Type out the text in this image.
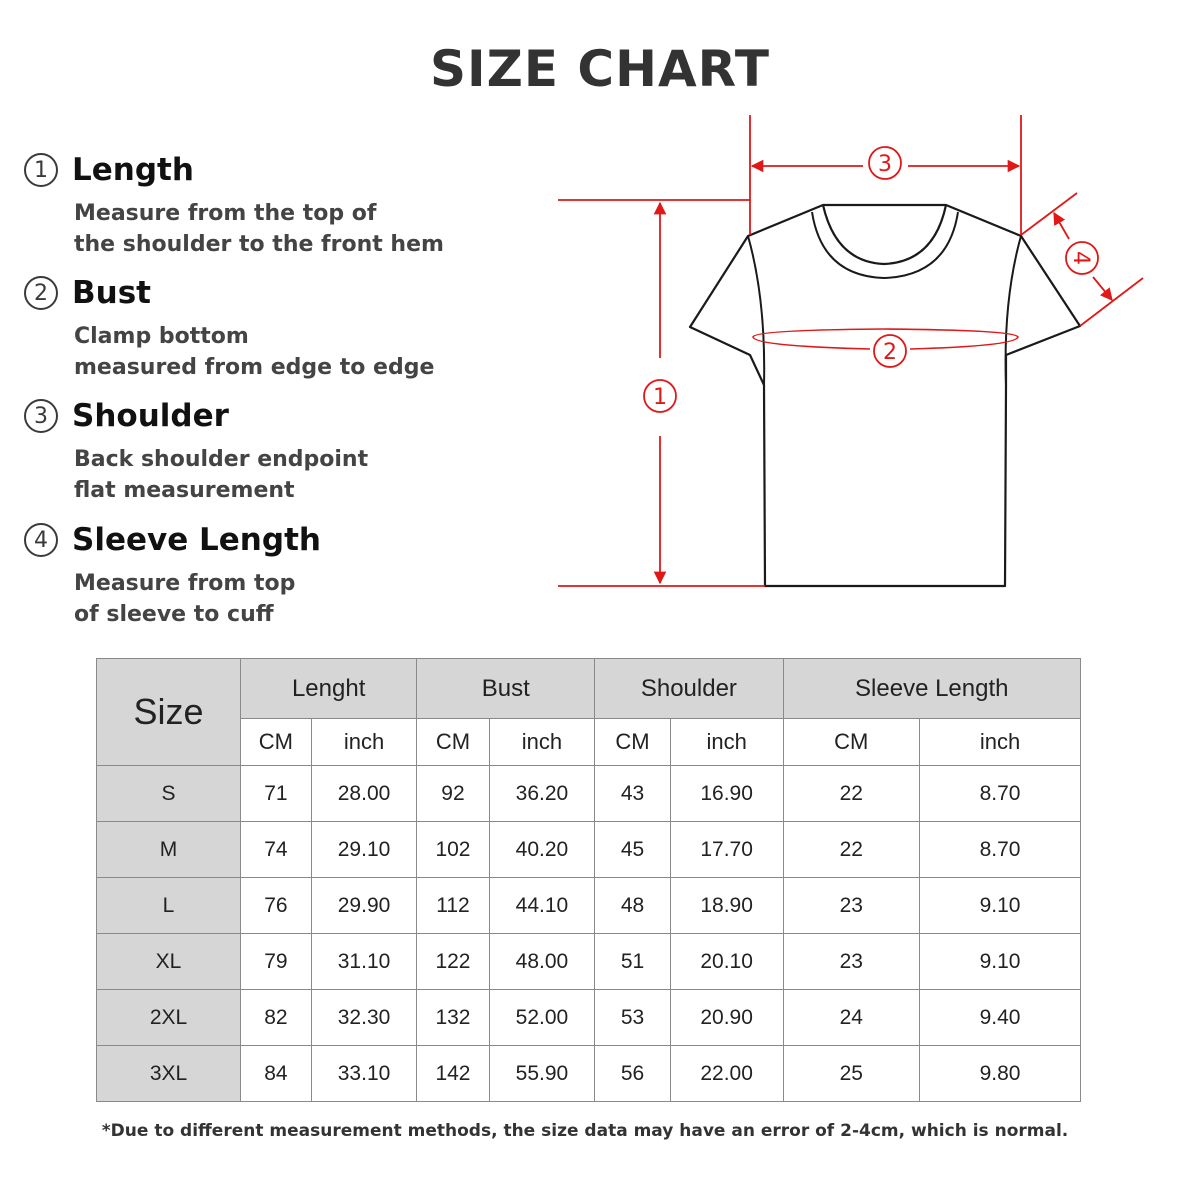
SIZE CHART
1 Length
Measure from the top of
the shoulder to the front hem
2 Bust
Clamp bottom
measured from edge to edge
3 Shoulder
Back shoulder endpoint
flat measurement
4 Sleeve Length
Measure from top
of sleeve to cuff
3
1
2
4
Size	Lenght		Bust		Shoulder		Sleeve Length	
	CM	inch	CM	inch	CM	inch	CM	inch
S	71	28.00	92	36.20	43	16.90	22	8.70
M	74	29.10	102	40.20	45	17.70	22	8.70
L	76	29.90	112	44.10	48	18.90	23	9.10
XL	79	31.10	122	48.00	51	20.10	23	9.10
2XL	82	32.30	132	52.00	53	20.90	24	9.40
3XL	84	33.10	142	55.90	56	22.00	25	9.80
*Due to different measurement methods, the size data may have an error of 2-4cm, which is normal.
